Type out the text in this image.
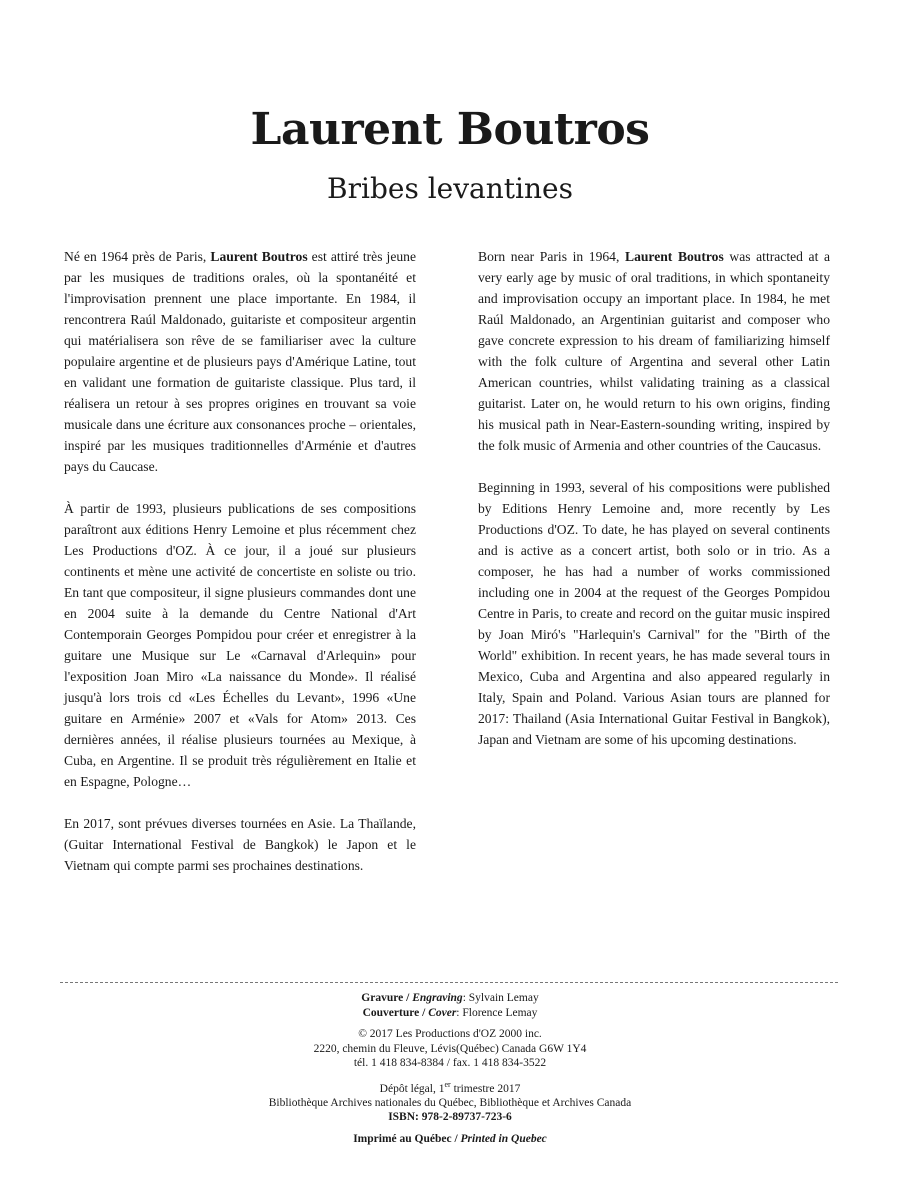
Laurent Boutros
Bribes levantines

Né en 1964 près de Paris, Laurent Boutros est attiré très jeune par les musiques de traditions orales, où la spontanéité et l'improvisation prennent une place importante. En 1984, il rencontrera Raúl Maldonado, guitariste et compositeur argentin qui matérialisera son rêve de se familiariser avec la culture populaire argentine et de plusieurs pays d'Amérique Latine, tout en validant une formation de guitariste classique. Plus tard, il réalisera un retour à ses propres origines en trouvant sa voie musicale dans une écriture aux consonances proche – orientales, inspiré par les musiques traditionnelles d'Arménie et d'autres pays du Caucase.

À partir de 1993, plusieurs publications de ses compositions paraîtront aux éditions Henry Lemoine et plus récemment chez Les Productions d'OZ. À ce jour, il a joué sur plusieurs continents et mène une activité de concertiste en soliste ou trio. En tant que compositeur, il signe plusieurs commandes dont une en 2004 suite à la demande du Centre National d'Art Contemporain Georges Pompidou pour créer et enregistrer à la guitare une Musique sur Le «Carnaval d'Arlequin» pour l'exposition Joan Miro «La naissance du Monde». Il réalisé jusqu'à lors trois cd «Les Échelles du Levant», 1996 «Une guitare en Arménie» 2007 et «Vals for Atom» 2013. Ces dernières années, il réalise plusieurs tournées au Mexique, à Cuba, en Argentine. Il se produit très régulièrement en Italie et en Espagne, Pologne…

En 2017, sont prévues diverses tournées en Asie. La Thaïlande, (Guitar International Festival de Bangkok) le Japon et le Vietnam qui compte parmi ses prochaines destinations.

Born near Paris in 1964, Laurent Boutros was attracted at a very early age by music of oral traditions, in which spontaneity and improvisation occupy an important place. In 1984, he met Raúl Maldonado, an Argentinian guitarist and composer who gave concrete expression to his dream of familiarizing himself with the folk culture of Argentina and several other Latin American countries, whilst validating training as a classical guitarist. Later on, he would return to his own origins, finding his musical path in Near-Eastern-sounding writing, inspired by the folk music of Armenia and other countries of the Caucasus.

Beginning in 1993, several of his compositions were published by Editions Henry Lemoine and, more recently by Les Productions d'OZ. To date, he has played on several continents and is active as a concert artist, both solo or in trio. As a composer, he has had a number of works commissioned including one in 2004 at the request of the Georges Pompidou Centre in Paris, to create and record on the guitar music inspired by Joan Miró's "Harlequin's Carnival" for the "Birth of the World" exhibition. In recent years, he has made several tours in Mexico, Cuba and Argentina and also appeared regularly in Italy, Spain and Poland. Various Asian tours are planned for 2017: Thailand (Asia International Guitar Festival in Bangkok), Japan and Vietnam are some of his upcoming destinations.

Gravure / Engraving: Sylvain Lemay
Couverture / Cover: Florence Lemay
© 2017 Les Productions d'OZ 2000 inc.
2220, chemin du Fleuve, Lévis(Québec) Canada G6W 1Y4
tél. 1 418 834-8384 / fax. 1 418 834-3522
Dépôt légal, 1er trimestre 2017
Bibliothèque Archives nationales du Québec, Bibliothèque et Archives Canada
ISBN: 978-2-89737-723-6
Imprimé au Québec / Printed in Quebec
